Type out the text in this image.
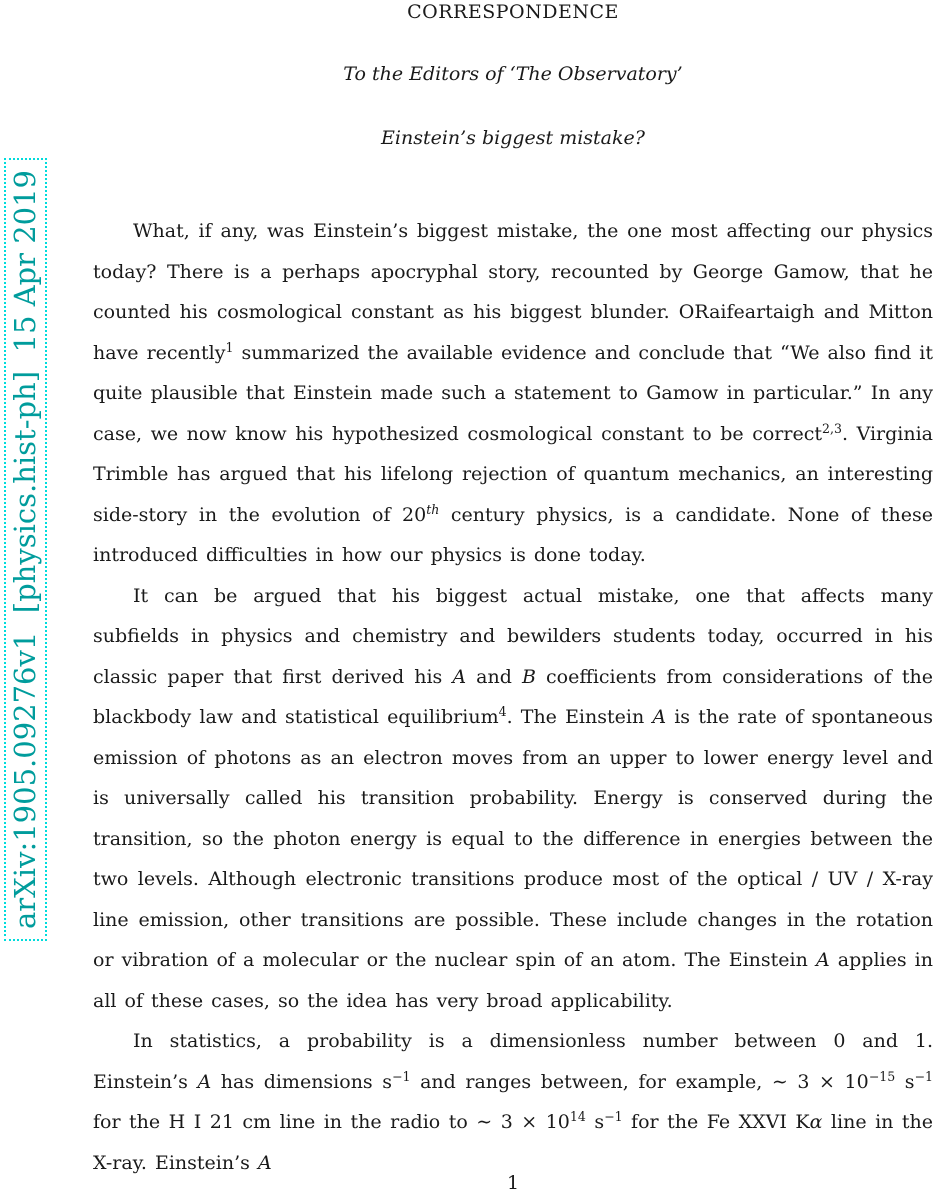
arXiv:1905.09276v1  [physics.hist-ph]  15 Apr 2019
CORRESPONDENCE
To the Editors of ‘The Observatory’
Einstein’s biggest mistake?

What, if any, was Einstein’s biggest mistake, the one most affecting our physics today? There is a perhaps apocryphal story, recounted by George Gamow, that he counted his cosmological constant as his biggest blunder. ORaifeartaigh and Mitton have recently$^1$ summarized the available evidence and conclude that “We also find it quite plausible that Einstein made such a statement to Gamow in particular.” In any case, we now know his hypothesized cosmological constant to be correct$^{2,3}$. Virginia Trimble has argued that his lifelong rejection of quantum mechanics, an interesting side-story in the evolution of 20th century physics, is a candidate. None of these introduced difficulties in how our physics is done today.

It can be argued that his biggest actual mistake, one that affects many subfields in physics and chemistry and bewilders students today, occurred in his classic paper that first derived his A and B coefficients from considerations of the blackbody law and statistical equilibrium$^4$. The Einstein A is the rate of spontaneous emission of photons as an electron moves from an upper to lower energy level and is universally called his transition probability. Energy is conserved during the transition, so the photon energy is equal to the difference in energies between the two levels. Although electronic transitions produce most of the optical / UV / X-ray line emission, other transitions are possible. These include changes in the rotation or vibration of a molecular or the nuclear spin of an atom. The Einstein A applies in all of these cases, so the idea has very broad applicability.

In statistics, a probability is a dimensionless number between 0 and 1. Einstein’s A has dimensions $s^{-1}$ and ranges between, for example, ∼ $3 \times 10^{-15}$ $s^{-1}$ for the H I 21 cm line in the radio to ∼ $3 \times 10^{14}$ $s^{-1}$ for the Fe XXVI Kα line in the X-ray. Einstein’s A

1
